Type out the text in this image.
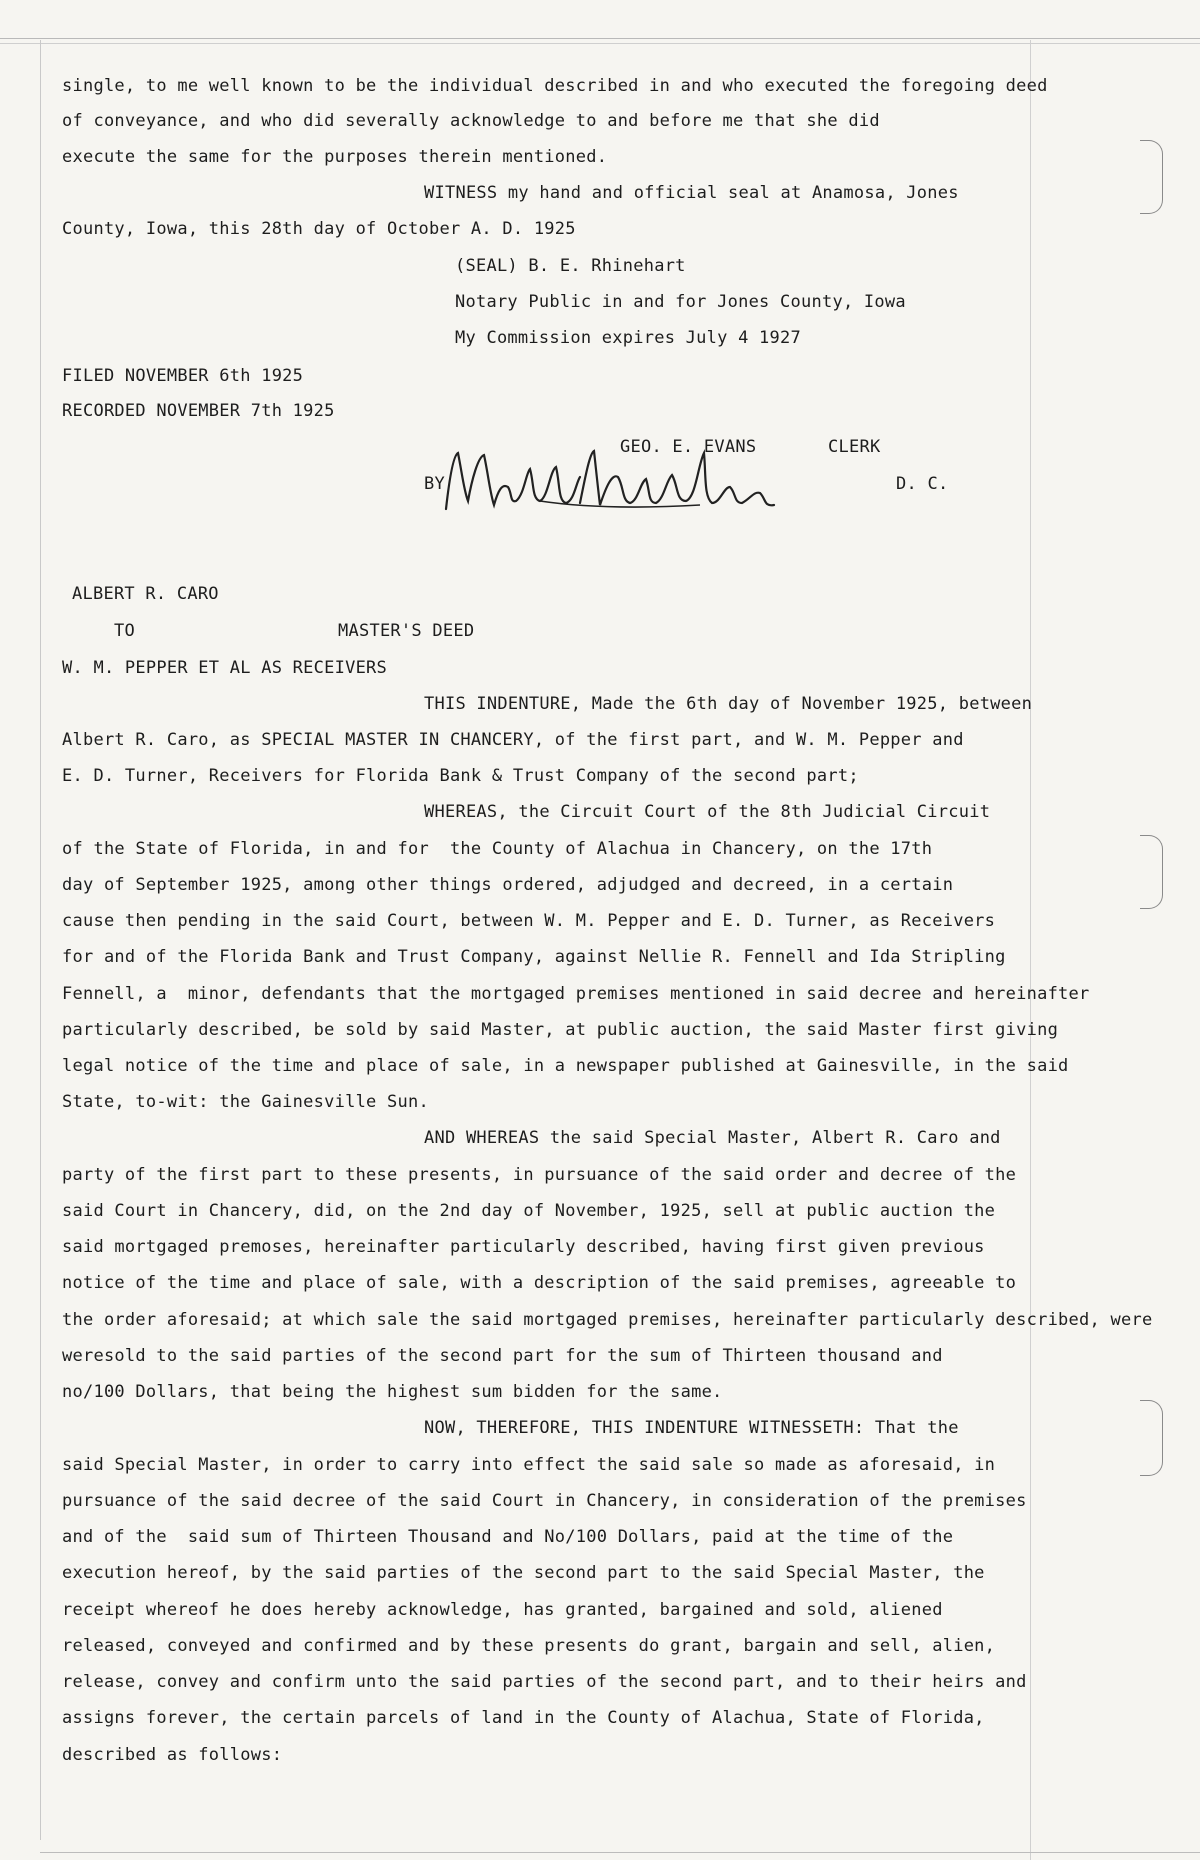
single, to me well known to be the individual described in and who executed the foregoing deed
of conveyance, and who did severally acknowledge to and before me that she did
execute the same for the purposes therein mentioned.
WITNESS my hand and official seal at Anamosa, Jones
County, Iowa, this 28th day of October A. D. 1925
(SEAL) B. E. Rhinehart
Notary Public in and for Jones County, Iowa
My Commission expires July 4 1927
FILED NOVEMBER 6th 1925
RECORDED NOVEMBER 7th 1925
GEO. E. EVANS	CLERK
BY	D. C.
ALBERT R. CARO
TO	MASTER'S DEED
W. M. PEPPER ET AL AS RECEIVERS
THIS INDENTURE, Made the 6th day of November 1925, between
Albert R. Caro, as SPECIAL MASTER IN CHANCERY, of the first part, and W. M. Pepper and
E. D. Turner, Receivers for Florida Bank & Trust Company of the second part;
WHEREAS, the Circuit Court of the 8th Judicial Circuit
of the State of Florida, in and for  the County of Alachua in Chancery, on the 17th
day of September 1925, among other things ordered, adjudged and decreed, in a certain
cause then pending in the said Court, between W. M. Pepper and E. D. Turner, as Receivers
for and of the Florida Bank and Trust Company, against Nellie R. Fennell and Ida Stripling
Fennell, a  minor, defendants that the mortgaged premises mentioned in said decree and hereinafter
particularly described, be sold by said Master, at public auction, the said Master first giving
legal notice of the time and place of sale, in a newspaper published at Gainesville, in the said
State, to-wit: the Gainesville Sun.
AND WHEREAS the said Special Master, Albert R. Caro and
party of the first part to these presents, in pursuance of the said order and decree of the
said Court in Chancery, did, on the 2nd day of November, 1925, sell at public auction the
said mortgaged premoses, hereinafter particularly described, having first given previous
notice of the time and place of sale, with a description of the said premises, agreeable to
the order aforesaid; at which sale the said mortgaged premises, hereinafter particularly described, were
weresold to the said parties of the second part for the sum of Thirteen thousand and
no/100 Dollars, that being the highest sum bidden for the same.
NOW, THEREFORE, THIS INDENTURE WITNESSETH: That the
said Special Master, in order to carry into effect the said sale so made as aforesaid, in
pursuance of the said decree of the said Court in Chancery, in consideration of the premises
and of the  said sum of Thirteen Thousand and No/100 Dollars, paid at the time of the
execution hereof, by the said parties of the second part to the said Special Master, the
receipt whereof he does hereby acknowledge, has granted, bargained and sold, aliened
released, conveyed and confirmed and by these presents do grant, bargain and sell, alien,
release, convey and confirm unto the said parties of the second part, and to their heirs and
assigns forever, the certain parcels of land in the County of Alachua, State of Florida,
described as follows:
